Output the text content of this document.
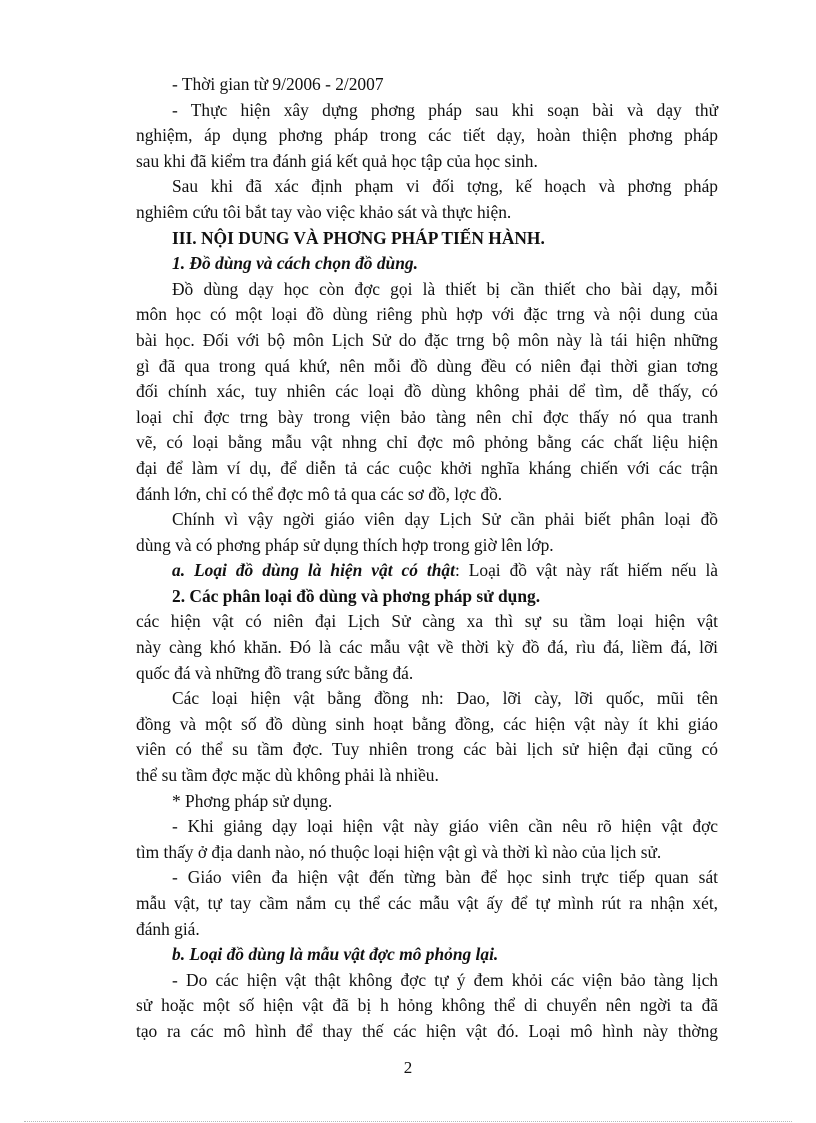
- Thời gian từ 9/2006 - 2/2007

- Thực hiện xây dựng phơng pháp sau khi soạn bài và dạy thử

nghiệm, áp dụng phơng pháp trong các tiết dạy, hoàn thiện phơng pháp

sau khi đã kiểm tra đánh giá kết quả học tập của học sinh.

Sau khi đã xác định phạm vi đối tợng, kế hoạch và phơng pháp

nghiêm cứu tôi bắt tay vào việc khảo sát và thực hiện.

III. NỘI DUNG VÀ PHƠNG PHÁP TIẾN HÀNH.

1. Đồ dùng và cách chọn đồ dùng.

Đồ dùng dạy học còn đợc gọi là thiết bị cần thiết cho bài dạy, mỗi

môn học có một loại đồ dùng riêng phù hợp với đặc trng và nội dung của

bài học. Đối với bộ môn Lịch Sử do đặc trng bộ môn này là tái hiện những

gì đã qua trong quá khứ, nên mỗi đồ dùng đều có niên đại thời gian tơng

đối chính xác, tuy nhiên các loại đồ dùng không phải dể tìm, dễ thấy, có

loại chỉ đợc trng bày trong viện bảo tàng nên chỉ đợc thấy nó qua tranh

vẽ, có loại bằng mẫu vật nhng chỉ đợc mô phỏng bằng các chất liệu hiện

đại để làm ví dụ, để diễn tả các cuộc khởi nghĩa kháng chiến với các trận

đánh lớn, chỉ có thể đợc mô tả qua các sơ đồ, lợc đồ.

Chính vì vậy ngời giáo viên dạy Lịch Sử cần phải biết phân loại đồ

dùng và có phơng pháp sử dụng thích hợp trong giờ lên lớp.

a. Loại đồ dùng là hiện vật có thật: Loại đồ vật này rất hiếm nếu là

2. Các phân loại đồ dùng và phơng pháp sử dụng.

các hiện vật có niên đại Lịch Sử càng xa thì sự su tầm loại hiện vật

này càng khó khăn. Đó là các mẫu vật về thời kỳ đồ đá, rìu đá, liềm đá, lỡi

quốc đá và những đồ trang sức bằng đá.

Các loại hiện vật bằng đồng nh: Dao, lỡi cày, lỡi quốc, mũi tên

đồng và một số đồ dùng sinh hoạt bằng đồng, các hiện vật này ít khi giáo

viên có thể su tầm đợc. Tuy nhiên trong các bài lịch sử hiện đại cũng có

thể su tầm đợc mặc dù không phải là nhiều.

* Phơng pháp sử dụng.

- Khi giảng dạy loại hiện vật này giáo viên cần nêu rõ hiện vật đợc

tìm thấy ở địa danh nào, nó thuộc loại hiện vật gì và thời kì nào của lịch sử.

- Giáo viên đa hiện vật đến từng bàn để học sinh trực tiếp quan sát

mẫu vật, tự tay cầm nắm cụ thể các mẫu vật ấy để tự mình rút ra nhận xét,

đánh giá.

b. Loại đồ dùng là mẫu vật đợc mô phỏng lại.

- Do các hiện vật thật không đợc tự ý đem khỏi các viện bảo tàng lịch

sử hoặc một số hiện vật đã bị h hỏng không thể di chuyển nên ngời ta đã

tạo ra các mô hình để thay thế các hiện vật đó. Loại mô hình này thờng

2
